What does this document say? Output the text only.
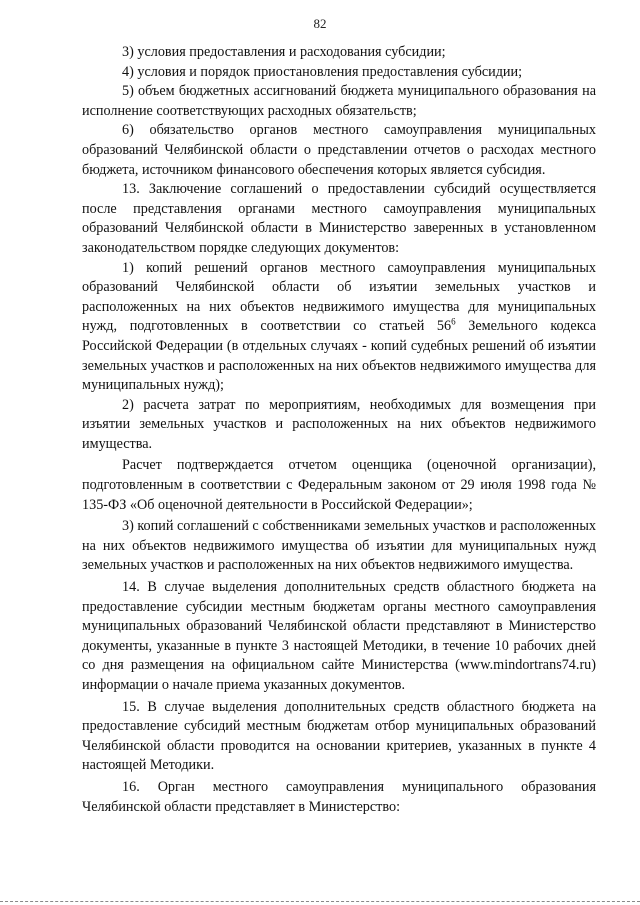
82

3) условия предоставления и расходования субсидии;

4) условия и порядок приостановления предоставления субсидии;

5) объем бюджетных ассигнований бюджета муниципального образования на исполнение соответствующих расходных обязательств;

6) обязательство органов местного самоуправления муниципальных образований Челябинской области о представлении отчетов о расходах местного бюджета, источником финансового обеспечения которых является субсидия.

13. Заключение соглашений о предоставлении субсидий осуществляется после представления органами местного самоуправления муниципальных образований Челябинской области в Министерство заверенных в установленном законодательством порядке следующих документов:

1) копий решений органов местного самоуправления муниципальных образований Челябинской области об изъятии земельных участков и расположенных на них объектов недвижимого имущества для муниципальных нужд, подготовленных в соответствии со статьей $56^6$ Земельного кодекса Российской Федерации (в отдельных случаях - копий судебных решений об изъятии земельных участков и расположенных на них объектов недвижимого имущества для муниципальных нужд);

2) расчета затрат по мероприятиям, необходимых для возмещения при изъятии земельных участков и расположенных на них объектов недвижимого имущества.

Расчет подтверждается отчетом оценщика (оценочной организации), подготовленным в соответствии с Федеральным законом от 29 июля 1998 года № 135-ФЗ «Об оценочной деятельности в Российской Федерации»;

3) копий соглашений с собственниками земельных участков и расположенных на них объектов недвижимого имущества об изъятии для муниципальных нужд земельных участков и расположенных на них объектов недвижимого имущества.

14. В случае выделения дополнительных средств областного бюджета на предоставление субсидии местным бюджетам органы местного самоуправления муниципальных образований Челябинской области представляют в Министерство документы, указанные в пункте 3 настоящей Методики, в течение 10 рабочих дней со дня размещения на официальном сайте Министерства (www.mindortrans74.ru) информации о начале приема указанных документов.

15. В случае выделения дополнительных средств областного бюджета на предоставление субсидий местным бюджетам отбор муниципальных образований Челябинской области проводится на основании критериев, указанных в пункте 4 настоящей Методики.

16. Орган местного самоуправления муниципального образования Челябинской области представляет в Министерство:
